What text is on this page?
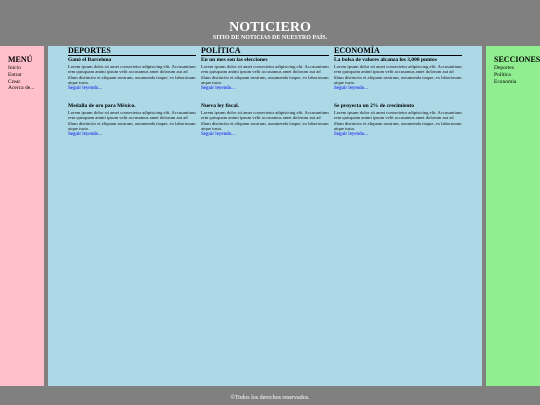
NOTICIERO
SITIO DE NOTICIAS DE NUESTRO PAÍS.
MENÚ
Inicio
Entrar
Crear
Acerca de...
DEPORTES
Ganó el Barcelona

Lorem ipsum dolor sit amet consectetur adipisicing elit. Accusantium rem quisquam animi ipsum velit accusamus amet dolorum aut ad illum distinctio et aliquam nostrum, assumenda itaque, ex laboriosam atque iusto.

Seguir leyendo...
Medalla de oro para México.

Lorem ipsum dolor sit amet consectetur adipisicing elit. Accusantium rem quisquam animi ipsum velit accusamus amet dolorum aut ad illum distinctio et aliquam nostrum, assumenda itaque, ex laboriosam atque iusto.

Seguir leyendo...
POLÍTICA
En un mes son las elecciones

Lorem ipsum dolor sit amet consectetur adipisicing elit. Accusantium rem quisquam animi ipsum velit accusamus amet dolorum aut ad illum distinctio et aliquam nostrum, assumenda itaque, ex laboriosam atque iusto.

Seguir leyendo...
Nueva ley fiscal.

Lorem ipsum dolor sit amet consectetur adipisicing elit. Accusantium rem quisquam animi ipsum velit accusamus amet dolorum aut ad illum distinctio et aliquam nostrum, assumenda itaque, ex laboriosam atque iusto.

Seguir leyendo...
ECONOMÍA
La bolsa de valores alcanza los 3,000 puntos

Lorem ipsum dolor sit amet consectetur adipisicing elit. Accusantium rem quisquam animi ipsum velit accusamus amet dolorum aut ad illum distinctio et aliquam nostrum, assumenda itaque, ex laboriosam atque iusto.

Seguir leyendo...
Se proyecta un 2% de crecimiento

Lorem ipsum dolor sit amet consectetur adipisicing elit. Accusantium rem quisquam animi ipsum velit accusamus amet dolorum aut ad illum distinctio et aliquam nostrum, assumenda itaque, ex laboriosam atque iusto.

Seguir leyendo...
SECCIONES
Deportes
Política
Economía
©Todos los derechos reservados.
